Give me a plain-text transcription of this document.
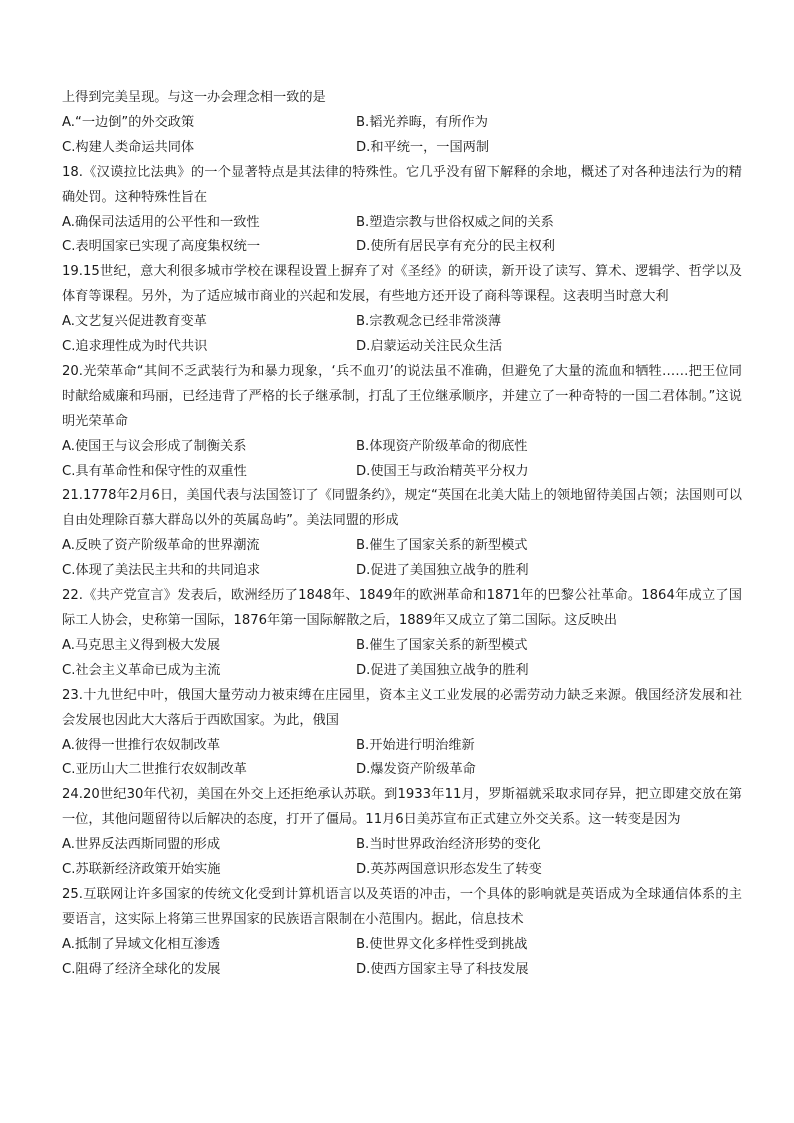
上得到完美呈现。与这一办会理念相一致的是
A.“一边倒”的外交政策	B.韬光养晦，有所作为
C.构建人类命运共同体	D.和平统一，一国两制
18.《汉谟拉比法典》的一个显著特点是其法律的特殊性。它几乎没有留下解释的余地，概述了对各种违法行为的精确处罚。这种特殊性旨在
A.确保司法适用的公平性和一致性	B.塑造宗教与世俗权威之间的关系
C.表明国家已实现了高度集权统一	D.使所有居民享有充分的民主权利
19.15世纪，意大利很多城市学校在课程设置上摒弃了对《圣经》的研读，新开设了读写、算术、逻辑学、哲学以及体育等课程。另外，为了适应城市商业的兴起和发展，有些地方还开设了商科等课程。这表明当时意大利
A.文艺复兴促进教育变革	B.宗教观念已经非常淡薄
C.追求理性成为时代共识	D.启蒙运动关注民众生活
20.光荣革命“其间不乏武装行为和暴力现象，‘兵不血刃’的说法虽不准确，但避免了大量的流血和牺牲……把王位同时献给威廉和玛丽，已经违背了严格的长子继承制，打乱了王位继承顺序，并建立了一种奇特的一国二君体制。”这说明光荣革命
A.使国王与议会形成了制衡关系	B.体现资产阶级革命的彻底性
C.具有革命性和保守性的双重性	D.使国王与政治精英平分权力
21.1778年2月6日，美国代表与法国签订了《同盟条约》，规定“英国在北美大陆上的领地留待美国占领；法国则可以自由处理除百慕大群岛以外的英属岛屿”。美法同盟的形成
A.反映了资产阶级革命的世界潮流	B.催生了国家关系的新型模式
C.体现了美法民主共和的共同追求	D.促进了美国独立战争的胜利
22.《共产党宣言》发表后，欧洲经历了1848年、1849年的欧洲革命和1871年的巴黎公社革命。1864年成立了国际工人协会，史称第一国际，1876年第一国际解散之后，1889年又成立了第二国际。这反映出
A.马克思主义得到极大发展	B.催生了国家关系的新型模式
C.社会主义革命已成为主流	D.促进了美国独立战争的胜利
23.十九世纪中叶，俄国大量劳动力被束缚在庄园里，资本主义工业发展的必需劳动力缺乏来源。俄国经济发展和社会发展也因此大大落后于西欧国家。为此，俄国
A.彼得一世推行农奴制改革	B.开始进行明治维新
C.亚历山大二世推行农奴制改革	D.爆发资产阶级革命
24.20世纪30年代初，美国在外交上还拒绝承认苏联。到1933年11月，罗斯福就采取求同存异，把立即建交放在第一位，其他问题留待以后解决的态度，打开了僵局。11月6日美苏宣布正式建立外交关系。这一转变是因为
A.世界反法西斯同盟的形成	B.当时世界政治经济形势的变化
C.苏联新经济政策开始实施	D.英苏两国意识形态发生了转变
25.互联网让许多国家的传统文化受到计算机语言以及英语的冲击，一个具体的影响就是英语成为全球通信体系的主要语言，这实际上将第三世界国家的民族语言限制在小范围内。据此，信息技术
A.抵制了异域文化相互渗透	B.使世界文化多样性受到挑战
C.阻碍了经济全球化的发展	D.使西方国家主导了科技发展
